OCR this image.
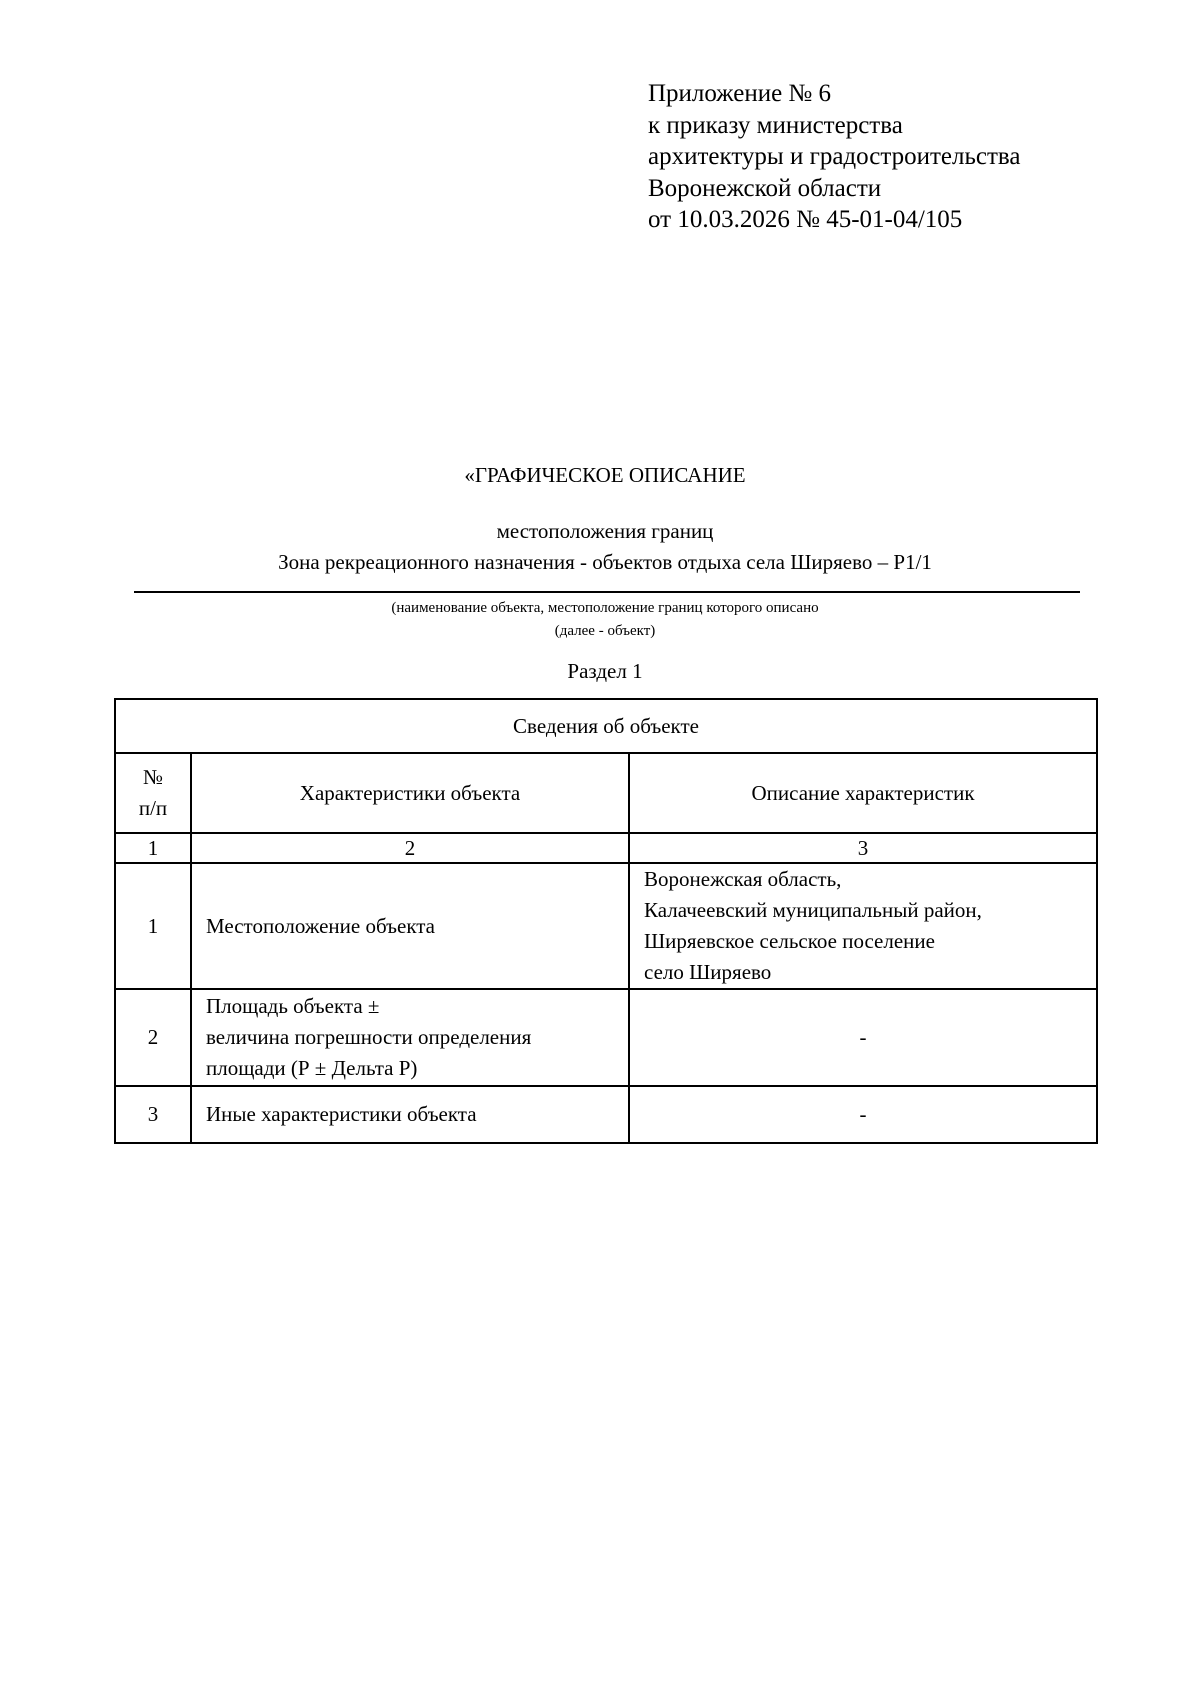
Приложение № 6
к приказу министерства
архитектуры и градостроительства
Воронежской области
от 10.03.2026 № 45-01-04/105
«ГРАФИЧЕСКОЕ ОПИСАНИЕ
местоположения границ
Зона рекреационного назначения - объектов отдыха села Ширяево – Р1/1
(наименование объекта, местоположение границ которого описано
(далее - объект)
Раздел 1
Сведения об объекте		

№
п/п	Характеристики объекта	Описание характеристик
1	2	3
1	Местоположение объекта	Воронежская область,
Калачеевский муниципальный район,
Ширяевское сельское поселение
село Ширяево

2	Площадь объекта ±
величина погрешности определения
площади (Р ± Дельта Р)	-
3	Иные характеристики объекта	-
